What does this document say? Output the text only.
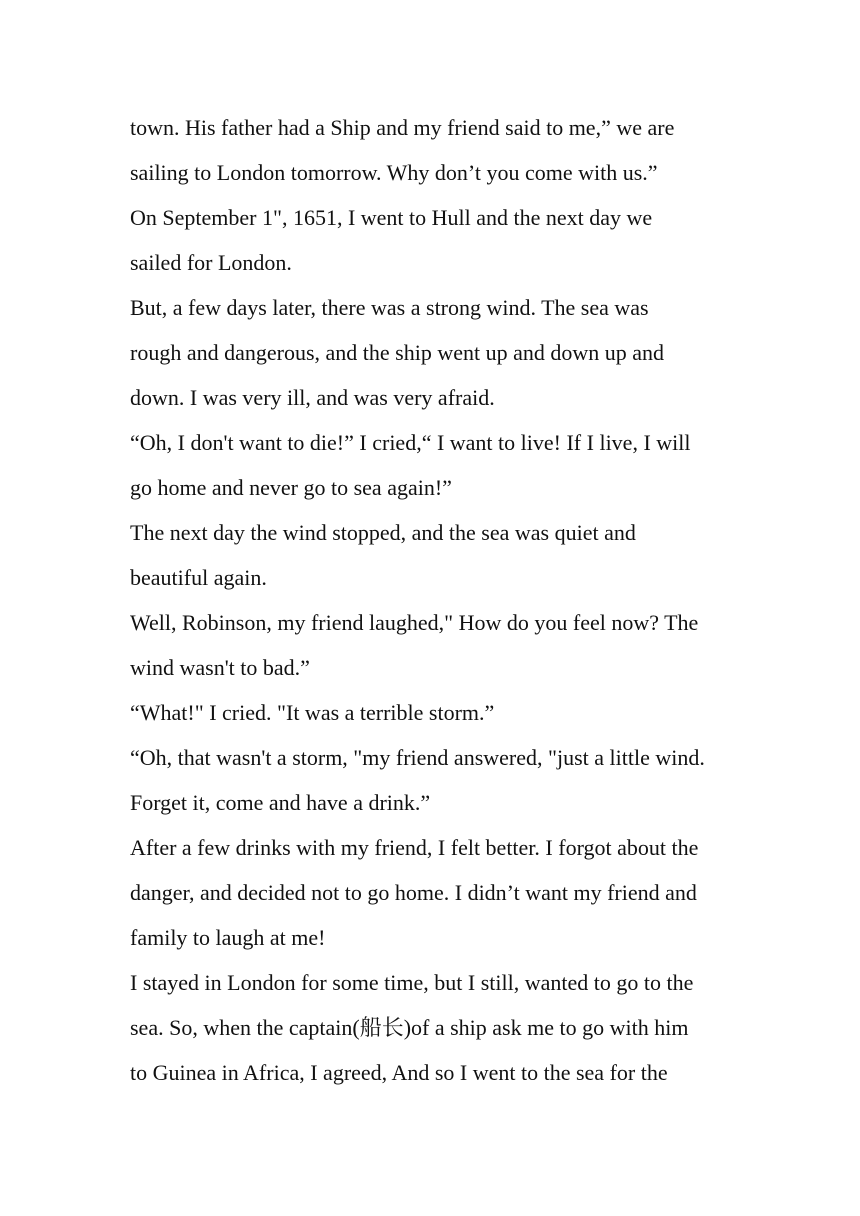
town. His father had a Ship and my friend said to me,” we are
sailing to London tomorrow. Why don’t you come with us.”
On September 1", 1651, I went to Hull and the next day we
sailed for London.
But, a few days later, there was a strong wind. The sea was
rough and dangerous, and the ship went up and down up and
down. I was very ill, and was very afraid.
“Oh, I don't want to die!” I cried,“ I want to live! If I live, I will
go home and never go to sea again!”
The next day the wind stopped, and the sea was quiet and
beautiful again.
Well, Robinson, my friend laughed," How do you feel now? The
wind wasn't to bad.”
“What!" I cried. "It was a terrible storm.”
“Oh, that wasn't a storm, "my friend answered, "just a little wind.
Forget it, come and have a drink.”
After a few drinks with my friend, I felt better. I forgot about the
danger, and decided not to go home. I didn’t want my friend and
family to laugh at me!
I stayed in London for some time, but I still, wanted to go to the
sea. So, when the captain(船长)of a ship ask me to go with him
to Guinea in Africa, I agreed, And so I went to the sea for the
